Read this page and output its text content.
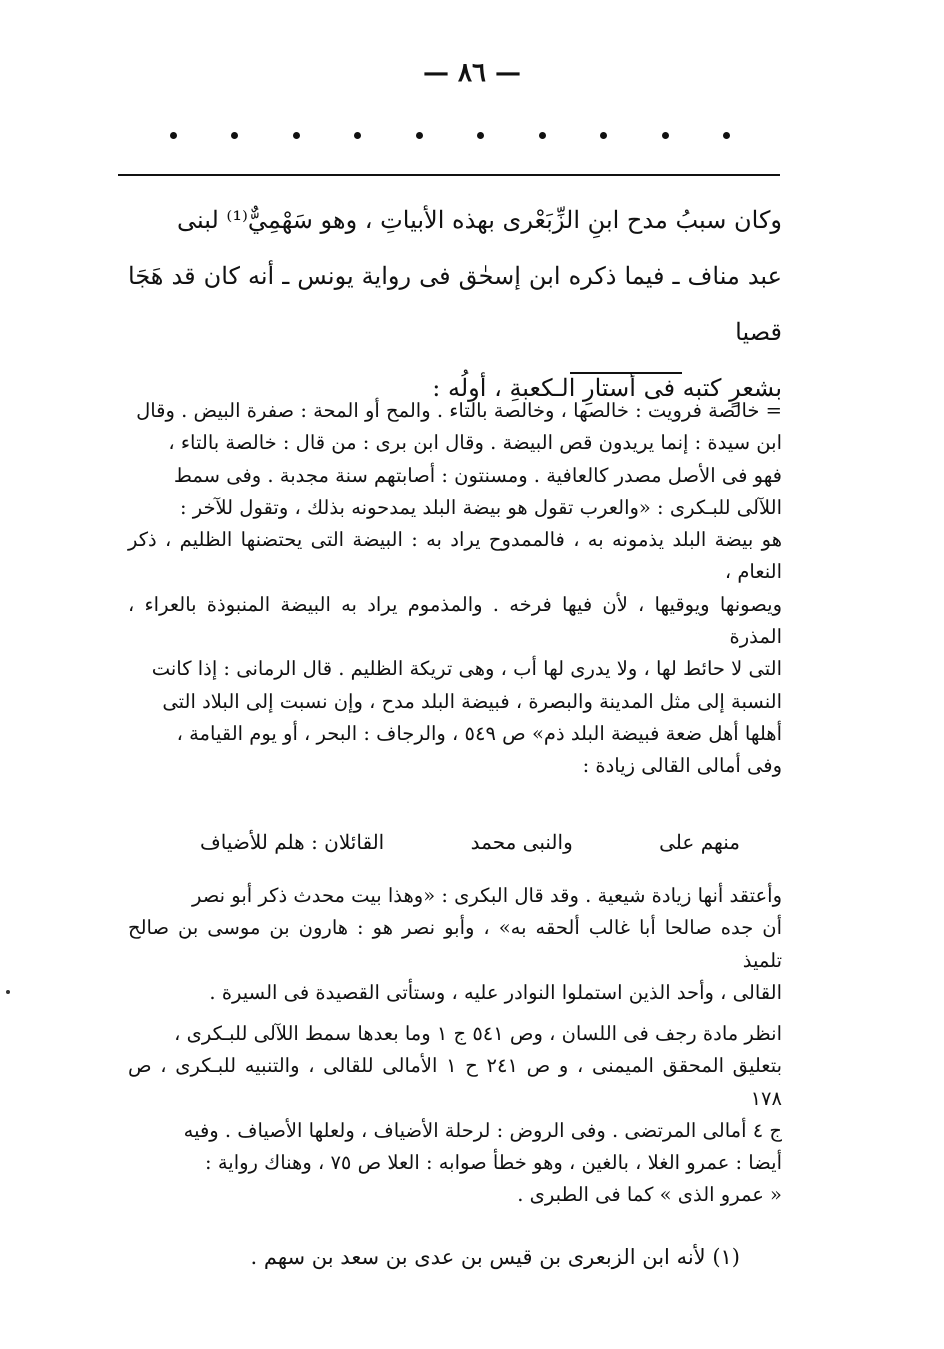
— ٨٦ —

وكان سببُ مدح ابنِ الزِّبَعْرى بهذه الأبياتِ ، وهو سَهْمِيٌّ⁽¹⁾ لبنى

عبد مناف ـ فيما ذكره ابن إسحٰق فى رواية يونس ـ أنه كان قد هَجَا قصيا

بشعرٍ كتبه فى أستارِ الـكعبةِ ، أولُه :

= خالصة فرويت : خالصها ، وخالصة بالتاء . والمح أو المحة : صفرة البيض . وقال

ابن سيدة : إنما يريدون قص البيضة . وقال ابن برى : من قال : خالصة بالتاء ،

فهو فى الأصل مصدر كالعافية . ومسنتون : أصابتهم سنة مجدبة . وفى سمط

اللآلى للبـكرى : «والعرب تقول هو بيضة البلد يمدحونه بذلك ، وتقول للآخر :

هو بيضة البلد يذمونه به ، فالممدوح يراد به : البيضة التى يحتضنها الظليم ، ذكر النعام ،

ويصونها ويوقيها ، لأن فيها فرخه . والمذموم يراد به البيضة المنبوذة بالعراء ، المذرة

التى لا حائط لها ، ولا يدرى لها أب ، وهى تريكة الظليم . قال الرمانى : إذا كانت

النسبة إلى مثل المدينة والبصرة ، فبيضة البلد مدح ، وإن نسبت إلى البلاد التى

أهلها أهل ضعة فبيضة البلد ذم» ص ٥٤٩ ، والرجاف : البحر ، أو يوم القيامة ،

وفى أمالى القالى زيادة :

منهم على
والنبى محمد
القائلان : هلم للأضياف

وأعتقد أنها زيادة شيعية . وقد قال البكرى : «وهذا بيت محدث ذكر أبو نصر

أن جده صالحا أبا غالب ألحقه به» ، وأبو نصر هو : هارون بن موسى بن صالح تلميذ

القالى ، وأحد الذين استملوا النوادر عليه ، وستأتى القصيدة فى السيرة .

انظر مادة رجف فى اللسان ، وص ٥٤١ ج ١ وما بعدها سمط اللآلى للبـكرى ،

بتعليق المحقق الميمنى ، و ص ٢٤١ ح ١ الأمالى للقالى ، والتنبيه للبـكرى ، ص ١٧٨

ج ٤ أمالى المرتضى . وفى الروض : لرحلة الأضياف ، ولعلها الأصياف . وفيه

أيضا : عمرو الغلا ، بالغين ، وهو خطأ صوابه : العلا ص ٧٥ ، وهناك رواية :

« عمرو الذى » كما فى الطبرى .

(١) لأنه ابن الزبعرى بن قيس بن عدى بن سعد بن سهم .
